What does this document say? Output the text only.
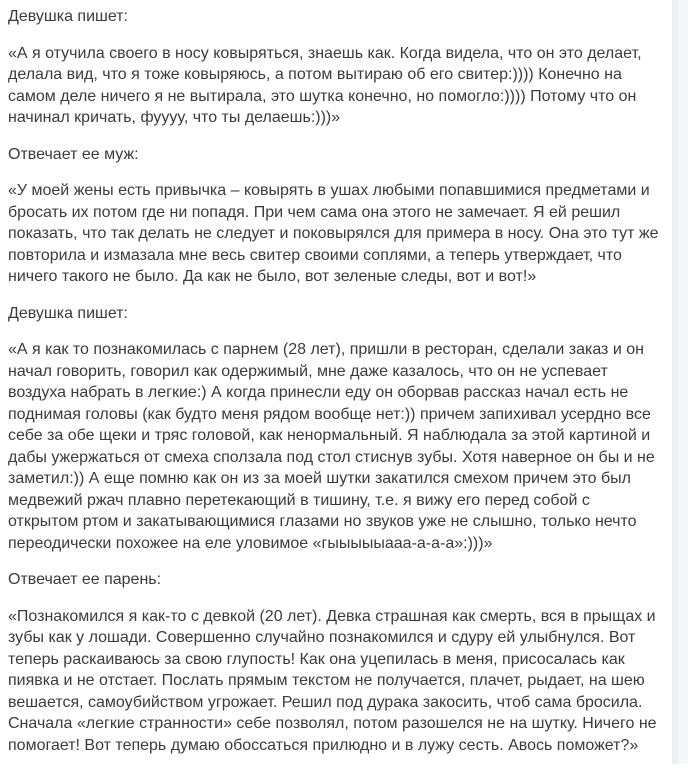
Девушка пишет:

«А я отучила своего в носу ковыряться, знаешь как. Когда видела, что он это делает, делала вид, что я тоже ковыряюсь, а потом вытираю об его свитер:)))) Конечно на самом деле ничего я не вытирала, это шутка конечно, но помогло:)))) Потому что он начинал кричать, фуууу, что ты делаешь:)))»

Отвечает ее муж:

«У моей жены есть привычка – ковырять в ушах любыми попавшимися предметами и бросать их потом где ни попадя. При чем сама она этого не замечает. Я ей решил показать, что так делать не следует и поковырялся для примера в носу. Она это тут же повторила и измазала мне весь свитер своими соплями, а теперь утверждает, что ничего такого не было. Да как не было, вот зеленые следы, вот и вот!»

Девушка пишет:

«А я как то познакомилась с парнем (28 лет), пришли в ресторан, сделали заказ и он начал говорить, говорил как одержимый, мне даже казалось, что он не успевает воздуха набрать в легкие:) А когда принесли еду он оборвав рассказ начал есть не поднимая головы (как будто меня рядом вообще нет:)) причем запихивал усердно все себе за обе щеки и тряс головой, как ненормальный. Я наблюдала за этой картиной и дабы ужержаться от смеха сползала под стол стиснув зубы. Хотя наверное он бы и не заметил:)) А еще помню как он из за моей шутки закатился смехом причем это был медвежий ржач плавно перетекающий в тишину, т.е. я вижу его перед собой с открытом ртом и закатывающимися глазами но звуков уже не слышно, только нечто переодически похожее на еле уловимое «гыыыыыааа-а-а-а»:)))»

Отвечает ее парень:

«Познакомился я как-то с девкой (20 лет). Девка страшная как смерть, вся в прыщах и зубы как у лошади. Совершенно случайно познакомился и сдуру ей улыбнулся. Вот теперь раскаиваюсь за свою глупость! Как она уцепилась в меня, присосалась как пиявка и не отстает. Послать прямым текстом не получается, плачет, рыдает, на шею вешается, самоубийством угрожает. Решил под дурака закосить, чтоб сама бросила. Сначала «легкие странности» себе позволял, потом разошелся не на шутку. Ничего не помогает! Вот теперь думаю обоссаться прилюдно и в лужу сесть. Авось поможет?»
